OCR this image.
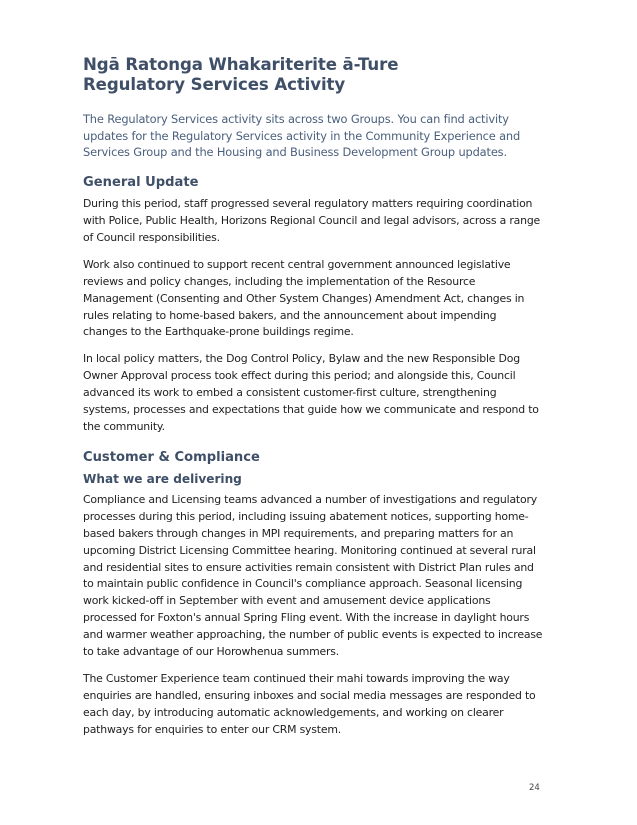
Ngā Ratonga Whakariterite ā-Ture
Regulatory Services Activity

The Regulatory Services activity sits across two Groups. You can find activity updates for the Regulatory Services activity in the Community Experience and Services Group and the Housing and Business Development Group updates.

General Update

During this period, staff progressed several regulatory matters requiring coordination with Police, Public Health, Horizons Regional Council and legal advisors, across a range of Council responsibilities.

Work also continued to support recent central government announced legislative reviews and policy changes, including the implementation of the Resource Management (Consenting and Other System Changes) Amendment Act, changes in rules relating to home-based bakers, and the announcement about impending changes to the Earthquake-prone buildings regime.

In local policy matters, the Dog Control Policy, Bylaw and the new Responsible Dog Owner Approval process took effect during this period; and alongside this, Council advanced its work to embed a consistent customer-first culture, strengthening systems, processes and expectations that guide how we communicate and respond to the community.

Customer & Compliance
What we are delivering

Compliance and Licensing teams advanced a number of investigations and regulatory processes during this period, including issuing abatement notices, supporting home-based bakers through changes in MPI requirements, and preparing matters for an upcoming District Licensing Committee hearing. Monitoring continued at several rural and residential sites to ensure activities remain consistent with District Plan rules and to maintain public confidence in Council's compliance approach. Seasonal licensing work kicked-off in September with event and amusement device applications processed for Foxton's annual Spring Fling event. With the increase in daylight hours and warmer weather approaching, the number of public events is expected to increase to take advantage of our Horowhenua summers.

The Customer Experience team continued their mahi towards improving the way enquiries are handled, ensuring inboxes and social media messages are responded to each day, by introducing automatic acknowledgements, and working on clearer pathways for enquiries to enter our CRM system.

24
